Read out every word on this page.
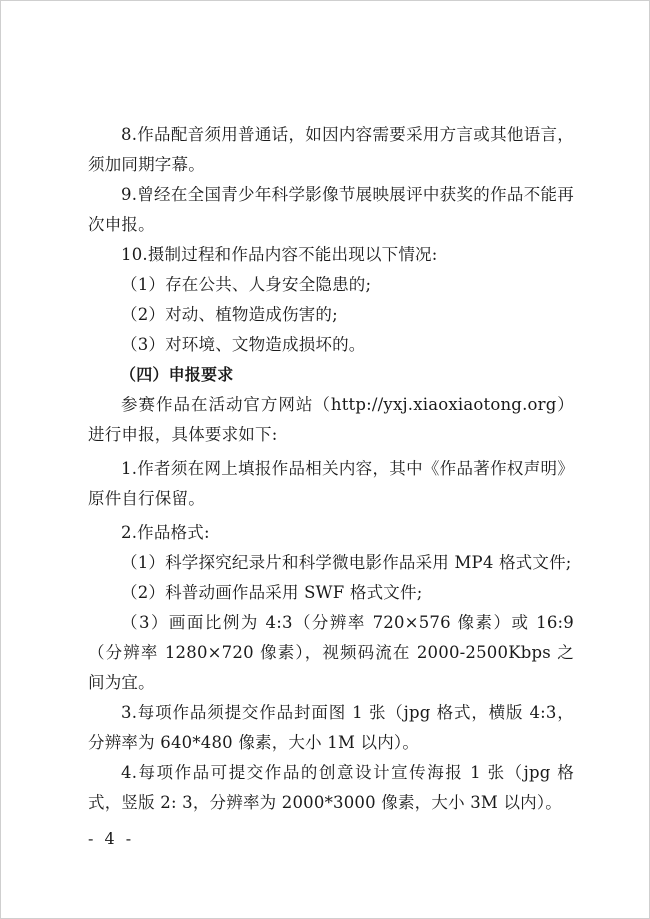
8.作品配音须用普通话，如因内容需要采用方言或其他语言，须加同期字幕。

9.曾经在全国青少年科学影像节展映展评中获奖的作品不能再次申报。

10.摄制过程和作品内容不能出现以下情况:

（1）存在公共、人身安全隐患的;

（2）对动、植物造成伤害的;

（3）对环境、文物造成损坏的。

（四）申报要求

参赛作品在活动官方网站（http://yxj.xiaoxiaotong.org）进行申报，具体要求如下:

1.作者须在网上填报作品相关内容，其中《作品著作权声明》原件自行保留。

2.作品格式:

（1）科学探究纪录片和科学微电影作品采用 MP4 格式文件;

（2）科普动画作品采用 SWF 格式文件;

（3）画面比例为 4:3（分辨率 720×576 像素）或 16:9（分辨率 1280×720 像素），视频码流在 2000-2500Kbps 之间为宜。

3.每项作品须提交作品封面图 1 张（jpg 格式，横版 4:3，分辨率为 640*480 像素，大小 1M 以内）。

4.每项作品可提交作品的创意设计宣传海报 1 张（jpg 格式，竖版 2: 3，分辨率为 2000*3000 像素，大小 3M 以内）。

- 4 -
